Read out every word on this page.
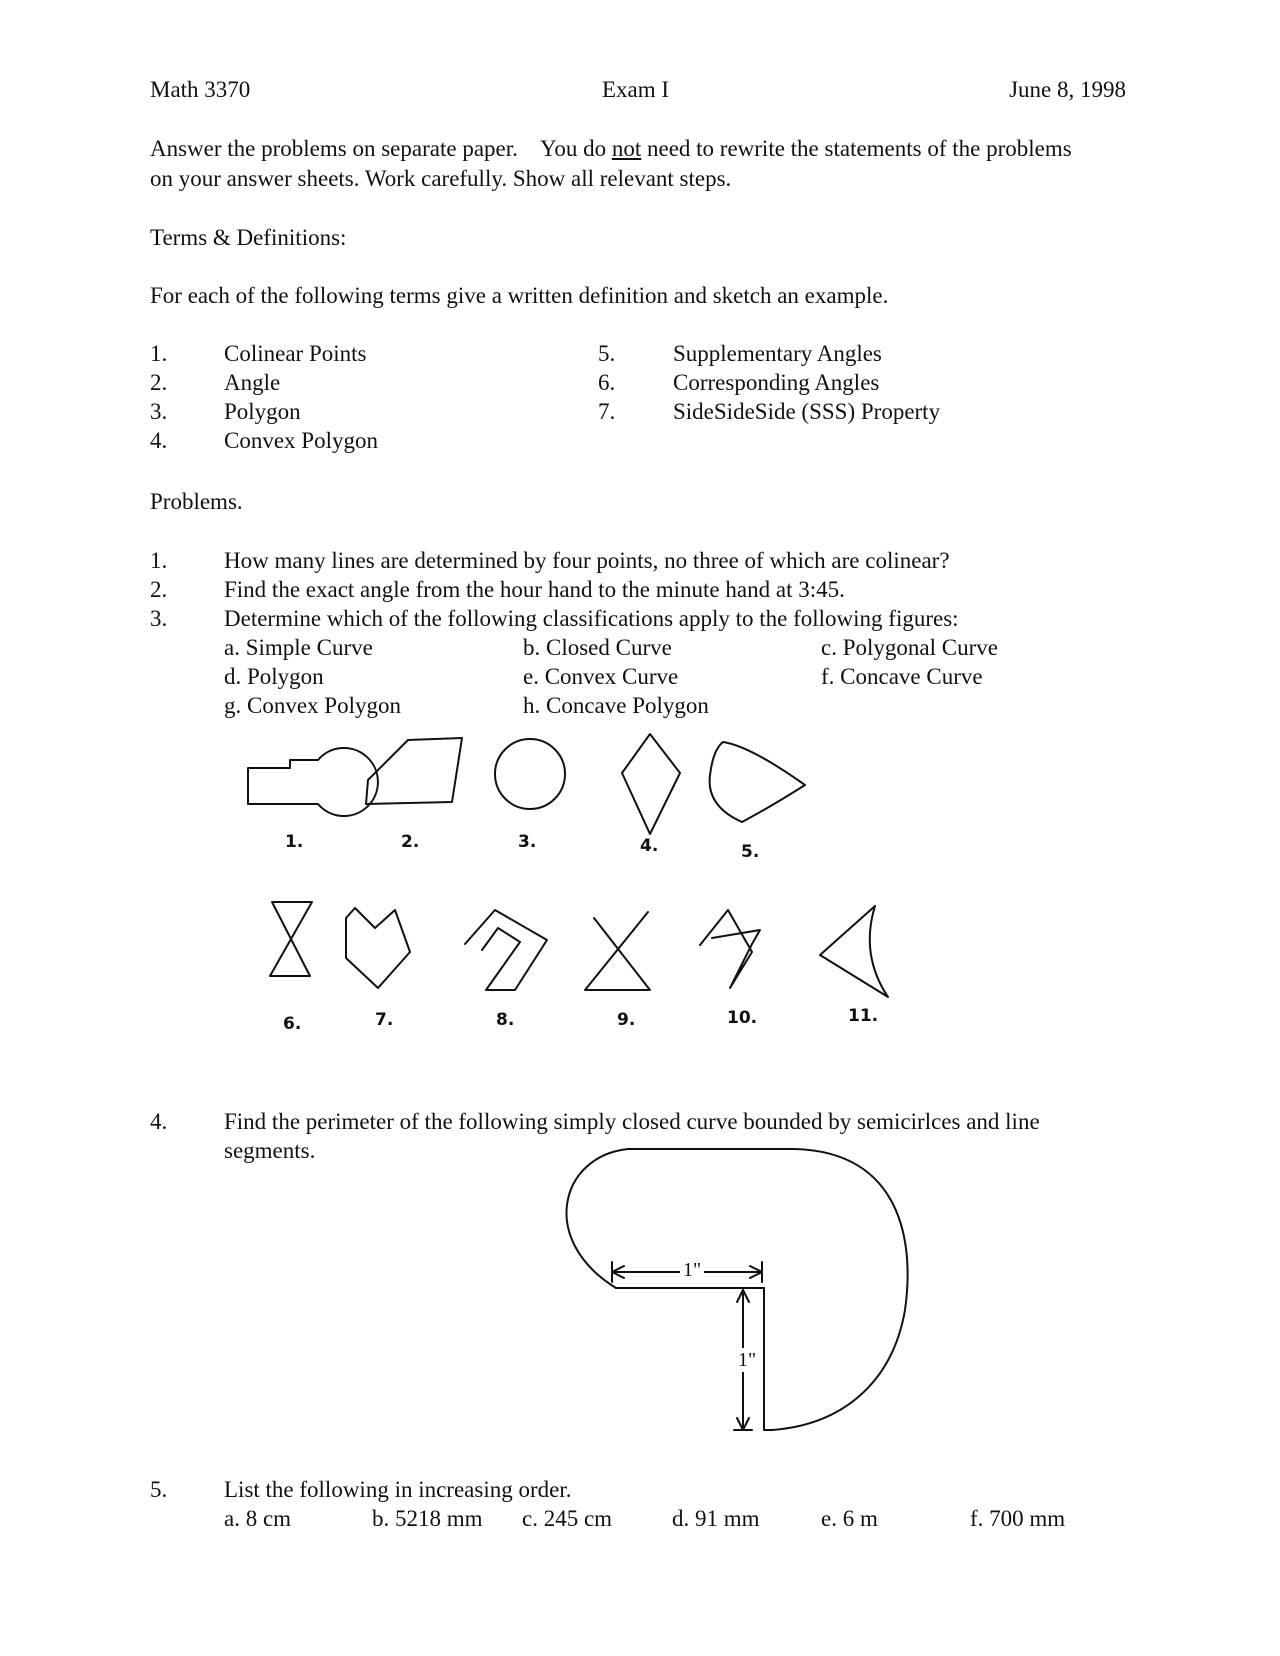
Math 3370	Exam I	June 8, 1998
Answer the problems on separate paper.    You do not need to rewrite the statements of the problems on your answer sheets. Work carefully. Show all relevant steps.
Terms & Definitions:
For each of the following terms give a written definition and sketch an example.
1. Colinear Points
2. Angle
3. Polygon
4. Convex Polygon
5.	Supplementary Angles
6.	Corresponding Angles
7.	SideSideSide (SSS) Property
Problems.
1. How many lines are determined by four points, no three of which are colinear?
2. Find the exact angle from the hour hand to the minute hand at 3:45.
3. Determine which of the following classifications apply to the following figures:
a. Simple Curve	b. Closed Curve	c. Polygonal Curve
d. Polygon	e. Convex Curve	f. Concave Curve
g. Convex Polygon	h. Concave Polygon
1.	2.	3.	4.	5.
6.	7.	8.	9.	10.	11.
4. Find the perimeter of the following simply closed curve bounded by semicirlces and line
segments.
1"
1"
5. List the following in increasing order.
a. 8 cm	b. 5218 mm c. 245 cm	d. 91 mm	e. 6 m	f. 700 mm
